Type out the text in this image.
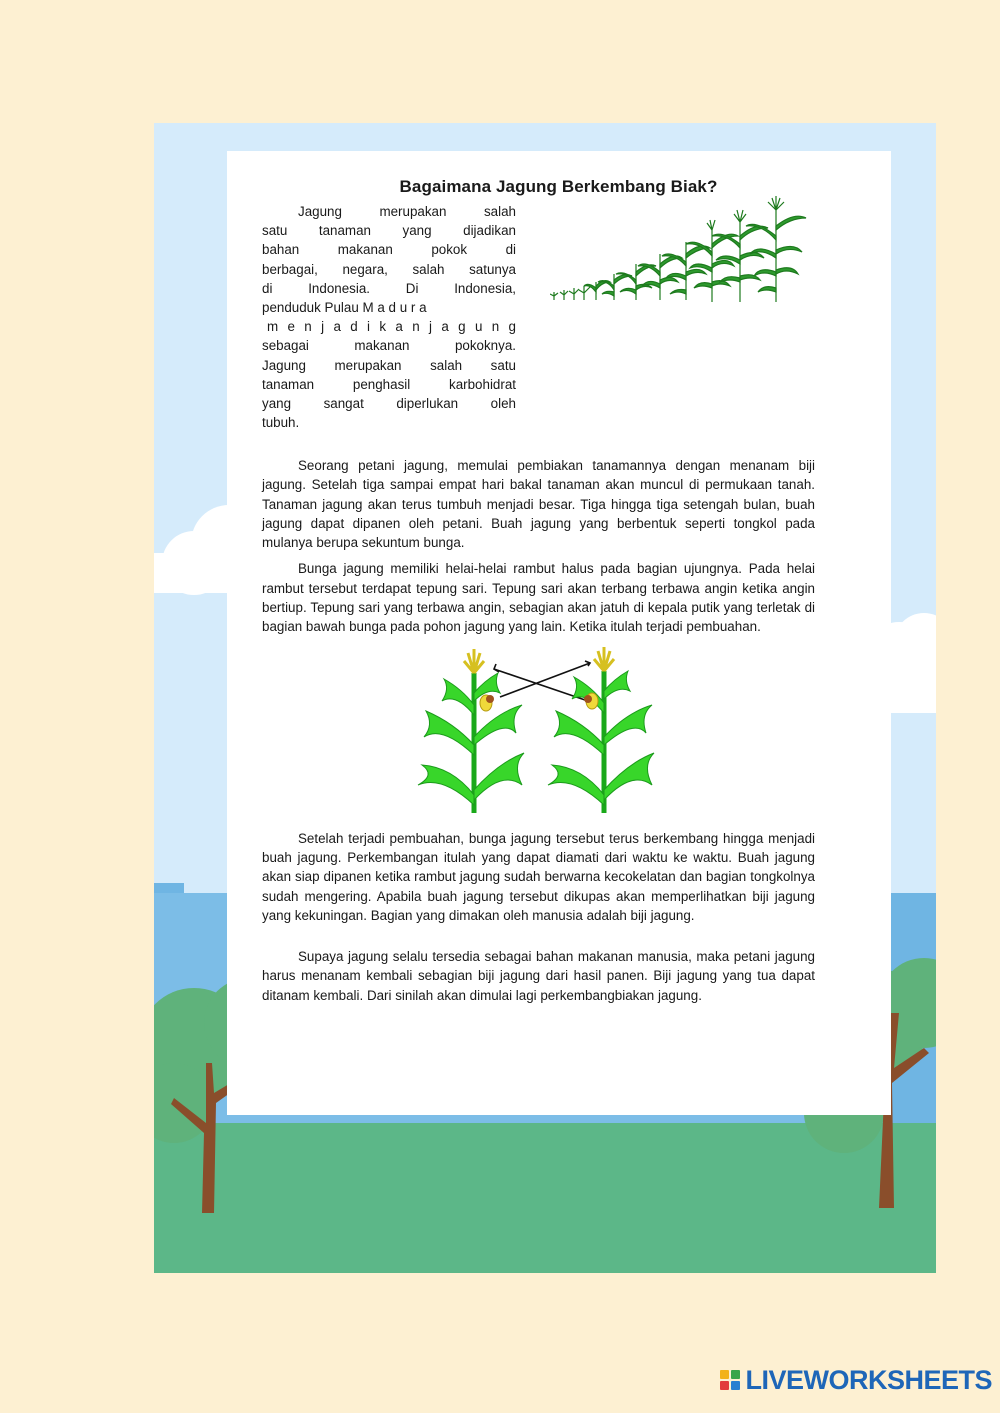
Bagaimana Jagung Berkembang Biak?
Jagung merupakan salah
satu tanaman yang dijadikan
bahan makanan pokok di
berbagai, negara, salah satunya
di Indonesia. Di Indonesia,
penduduk Pulau M a d u r a
m e n j a d i k a n j a g u n g
sebagai makanan pokoknya.
Jagung merupakan salah satu
tanaman penghasil karbohidrat
yang sangat diperlukan oleh
tubuh.

Seorang petani jagung, memulai pembiakan tanamannya dengan menanam biji jagung. Setelah tiga sampai empat hari bakal tanaman akan muncul di permukaan tanah. Tanaman jagung akan terus tumbuh menjadi besar. Tiga hingga tiga setengah bulan, buah jagung dapat dipanen oleh petani. Buah jagung yang berbentuk seperti tongkol pada mulanya berupa sekuntum bunga.

Bunga jagung memiliki helai-helai rambut halus pada bagian ujungnya. Pada helai rambut tersebut terdapat tepung sari. Tepung sari akan terbang terbawa angin ketika angin bertiup. Tepung sari yang terbawa angin, sebagian akan jatuh di kepala putik yang terletak di bagian bawah bunga pada pohon jagung yang lain. Ketika itulah terjadi pembuahan.

Setelah terjadi pembuahan, bunga jagung tersebut terus berkembang hingga menjadi buah jagung. Perkembangan itulah yang dapat diamati dari waktu ke waktu. Buah jagung akan siap dipanen ketika rambut jagung sudah berwarna kecokelatan dan bagian tongkolnya sudah mengering. Apabila buah jagung tersebut dikupas akan memperlihatkan biji jagung yang kekuningan. Bagian yang dimakan oleh manusia adalah biji jagung.

Supaya jagung selalu tersedia sebagai bahan makanan manusia, maka petani jagung harus menanam kembali sebagian biji jagung dari hasil panen. Biji jagung yang tua dapat ditanam kembali. Dari sinilah akan dimulai lagi perkembangbiakan jagung.

LIVEWORKSHEETS
